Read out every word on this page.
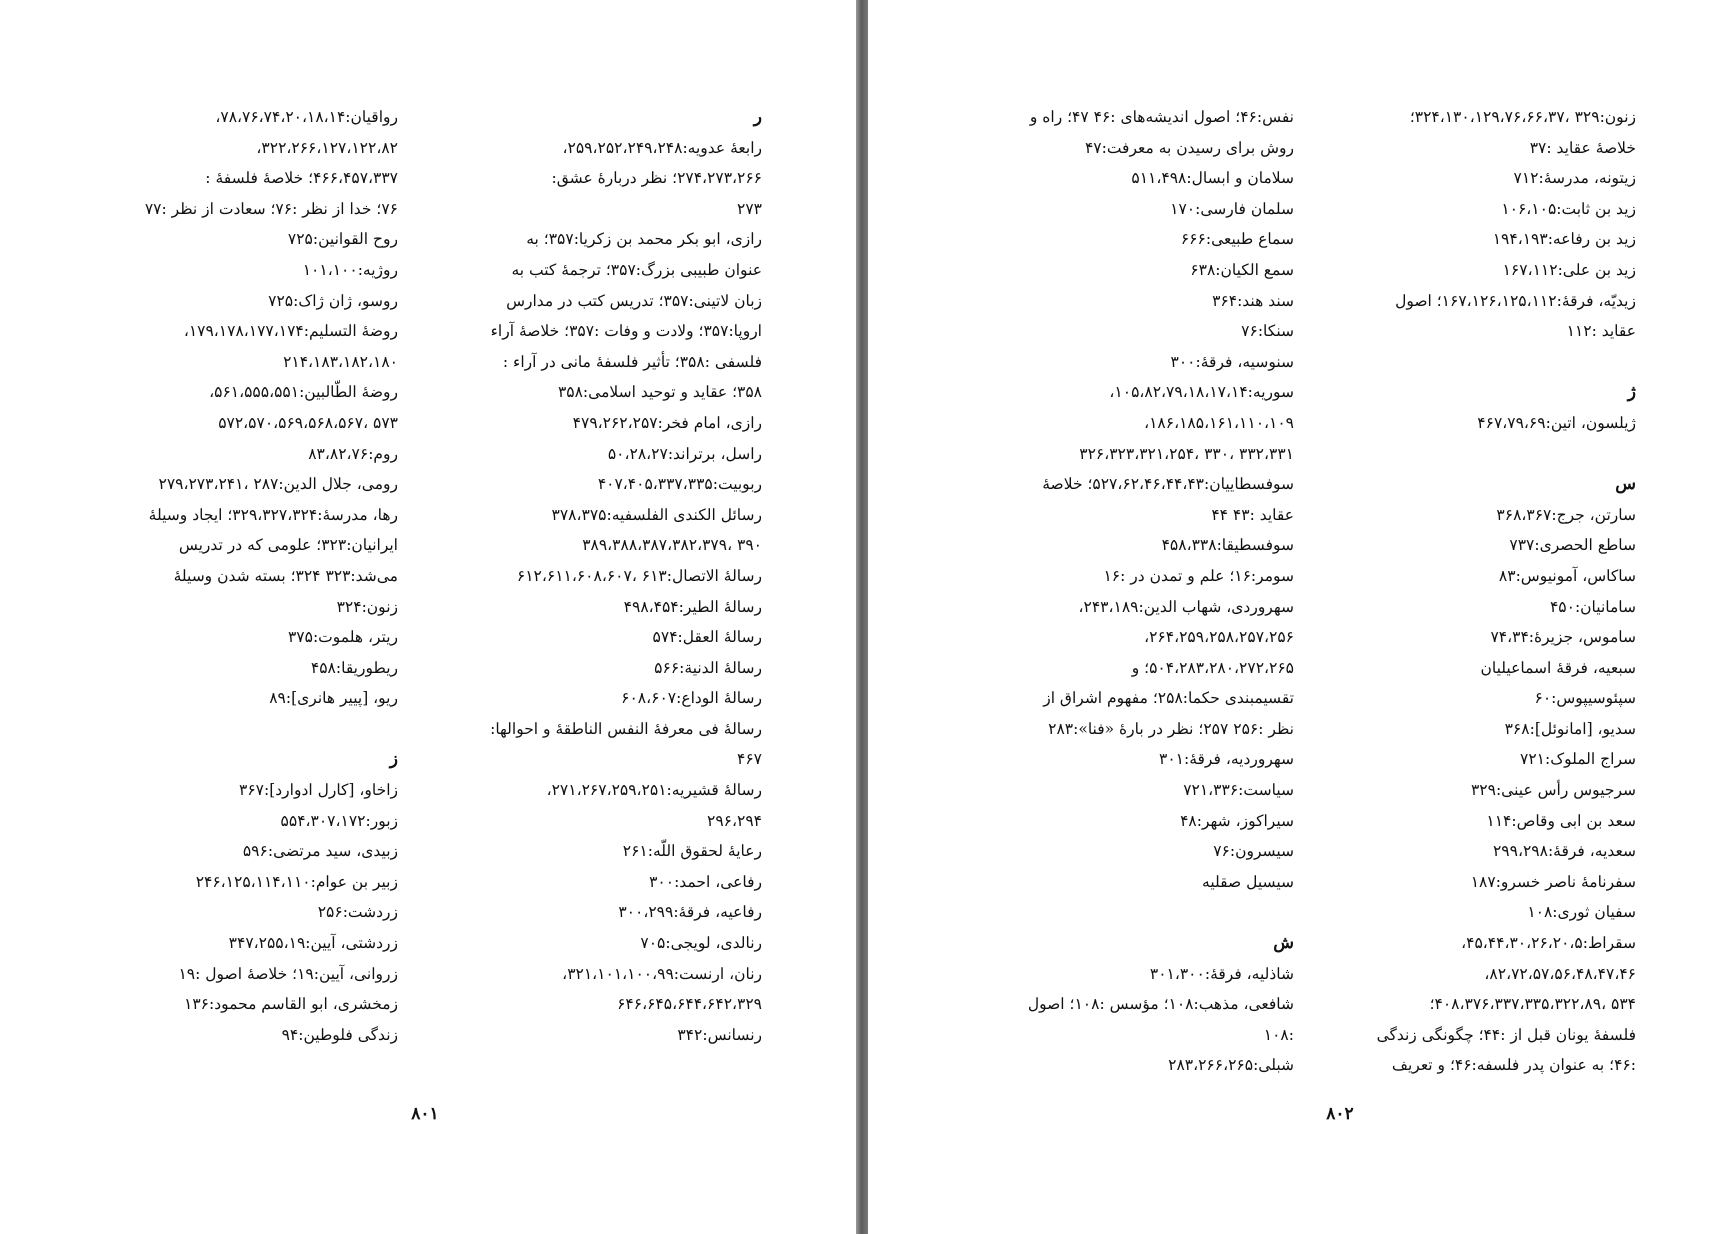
ر
رابعهٔ عدویه:۲۵۹،۲۵۲،۲۴۹،۲۴۸،
۲۷۴،۲۷۳،۲۶۶؛ نظر دربارهٔ عشق:
۲۷۳
رازی، ابو بکر محمد بن زکریا:۳۵۷؛ به
عنوان طبیبی بزرگ:۳۵۷؛ ترجمهٔ کتب به
زبان لاتینی:۳۵۷؛ تدریس کتب در مدارس
اروپا:۳۵۷؛ ولادت و وفات :۳۵۷؛ خلاصهٔ آراء
فلسفی :۳۵۸؛ تأثیر فلسفهٔ مانی در آراء :
۳۵۸؛ عقاید و توحید اسلامی:۳۵۸
رازی، امام فخر:۴۷۹،۲۶۲،۲۵۷
راسل، برتراند:۵۰،۲۸،۲۷
ربوبیت:۴۰۷،۴۰۵،۳۳۷،۳۳۵
رسائل الکندی الفلسفیه:۳۷۸،۳۷۵
۳۹۰ ،۳۸۹،۳۸۸،۳۸۷،۳۸۲،۳۷۹
رسالهٔ الاتصال:۶۱۳ ،۶۱۲،۶۱۱،۶۰۸،۶۰۷
رسالهٔ الطیر:۴۹۸،۴۵۴
رسالهٔ العقل:۵۷۴
رسالهٔ الدنیة:۵۶۶
رسالهٔ الوداع:۶۰۸،۶۰۷
رسالهٔ فی معرفهٔ النفس الناطقهٔ و احوالها:
۴۶۷
رسالهٔ قشیریه:۲۷۱،۲۶۷،۲۵۹،۲۵۱،
۲۹۶،۲۹۴
رعایهٔ لحقوق اللّه:۲۶۱
رفاعی، احمد:۳۰۰
رفاعیه، فرقهٔ:۳۰۰،۲۹۹
رنالدی، لویجی:۷۰۵
رنان، ارنست:۳۲۱،۱۰۱،۱۰۰،۹۹،
۶۴۶،۶۴۵،۶۴۴،۶۴۲،۳۲۹
رنسانس:۳۴۲
رواقیان:۷۸،۷۶،۷۴،۲۰،۱۸،۱۴،
۳۲۲،۲۶۶،۱۲۷،۱۲۲،۸۲،
۴۶۶،۴۵۷،۳۳۷؛ خلاصهٔ فلسفهٔ :
۷۶؛ خدا از نظر :۷۶؛ سعادت از نظر :۷۷
روح القوانین:۷۲۵
روژیه:۱۰۱،۱۰۰
روسو، ژان ژاک:۷۲۵
روضهٔ التسلیم:۱۷۹،۱۷۸،۱۷۷،۱۷۴،
۲۱۴،۱۸۳،۱۸۲،۱۸۰
روضهٔ الطّالبین:۵۶۱،۵۵۵،۵۵۱،
۵۷۳ ،۵۷۲،۵۷۰،۵۶۹،۵۶۸،۵۶۷
روم:۸۳،۸۲،۷۶
رومی، جلال الدین:۲۸۷ ،۲۷۹،۲۷۳،۲۴۱
رها، مدرسهٔ:۳۲۹،۳۲۷،۳۲۴؛ ایجاد وسیلهٔ
ایرانیان:۳۲۳؛ علومی که در تدریس
می‌شد:۳۲۳ ۳۲۴؛ بسته شدن وسیلهٔ
زنون:۳۲۴
ریتر، هلموت:۳۷۵
ریطوریقا:۴۵۸
ریو، [پییر هانری]:۸۹
ز
زاخاو، [کارل ادوارد]:۳۶۷
زبور:۵۵۴،۳۰۷،۱۷۲
زبیدی، سید مرتضی:۵۹۶
زبیر بن عوام:۲۴۶،۱۲۵،۱۱۴،۱۱۰
زردشت:۲۵۶
زردشتی، آیین:۳۴۷،۲۵۵،۱۹
زروانی، آیین:۱۹؛ خلاصهٔ اصول :۱۹
زمخشری، ابو القاسم محمود:۱۳۶
زندگی فلوطین:۹۴
۸۰۱
زنون:۳۲۹ ،۳۲۴،۱۳۰،۱۲۹،۷۶،۶۶،۳۷؛
خلاصهٔ عقاید :۳۷
زیتونه، مدرسهٔ:۷۱۲
زید بن ثابت:۱۰۶،۱۰۵
زید بن رفاعه:۱۹۴،۱۹۳
زید بن علی:۱۶۷،۱۱۲
زیدیّه، فرقهٔ:۱۶۷،۱۲۶،۱۲۵،۱۱۲؛ اصول
عقاید :۱۱۲
ژ
ژیلسون، اتین:۴۶۷،۷۹،۶۹
س
سارتن، جرج:۳۶۸،۳۶۷
ساطع الحصری:۷۳۷
ساکاس، آمونیوس:۸۳
سامانیان:۴۵۰
ساموس، جزیرهٔ:۷۴،۳۴
سبعیه، فرقهٔ اسماعیلیان
سپئوسیپوس:۶۰
سدیو، [امانوئل]:۳۶۸
سراج الملوک:۷۲۱
سرجیوس رأس عینی:۳۲۹
سعد بن ابی وقاص:۱۱۴
سعدیه، فرقهٔ:۲۹۹،۲۹۸
سفرنامهٔ ناصر خسرو:۱۸۷
سفیان ثوری:۱۰۸
سقراط:۴۵،۴۴،۳۰،۲۶،۲۰،۵،
۸۲،۷۲،۵۷،۵۶،۴۸،۴۷،۴۶،
۵۳۴ ،۴۰۸،۳۷۶،۳۳۷،۳۳۵،۳۲۲،۸۹؛
فلسفهٔ یونان قبل از :۴۴؛ چگونگی زندگی
:۴۶؛ به عنوان پدر فلسفه:۴۶؛ و تعریف
نفس:۴۶؛ اصول اندیشه‌های :۴۶ ۴۷؛ راه و
روش برای رسیدن به معرفت:۴۷
سلامان و ابسال:۵۱۱،۴۹۸
سلمان فارسی:۱۷۰
سماع طبیعی:۶۶۶
سمع الکیان:۶۳۸
سند هند:۳۶۴
سنکا:۷۶
سنوسیه، فرقهٔ:۳۰۰
سوریه:۱۰۵،۸۲،۷۹،۱۸،۱۷،۱۴،
۱۸۶،۱۸۵،۱۶۱،۱۱۰،۱۰۹،
۳۳۲،۳۳۱ ،۳۳۰ ،۳۲۶،۳۲۳،۳۲۱،۲۵۴
سوفسطاییان:۵۲۷،۶۲،۴۶،۴۴،۴۳؛ خلاصهٔ
عقاید :۴۳ ۴۴
سوفسطیقا:۴۵۸،۳۳۸
سومر:۱۶؛ علم و تمدن در :۱۶
سهروردی، شهاب الدین:۲۴۳،۱۸۹،
۲۶۴،۲۵۹،۲۵۸،۲۵۷،۲۵۶،
۵۰۴،۲۸۳،۲۸۰،۲۷۲،۲۶۵؛ و
تقسیمبندی حکما:۲۵۸؛ مفهوم اشراق از
نظر :۲۵۶ ۲۵۷؛ نظر در بارهٔ «فنا»:۲۸۳
سهروردیه، فرقهٔ:۳۰۱
سیاست:۷۲۱،۳۳۶
سیراکوز، شهر:۴۸
سیسرون:۷۶
سیسیل صقلیه
ش
شاذلیه، فرقهٔ:۳۰۱،۳۰۰
شافعی، مذهب:۱۰۸؛ مؤسس :۱۰۸؛ اصول
:۱۰۸
شبلی:۲۸۳،۲۶۶،۲۶۵
۸۰۲
